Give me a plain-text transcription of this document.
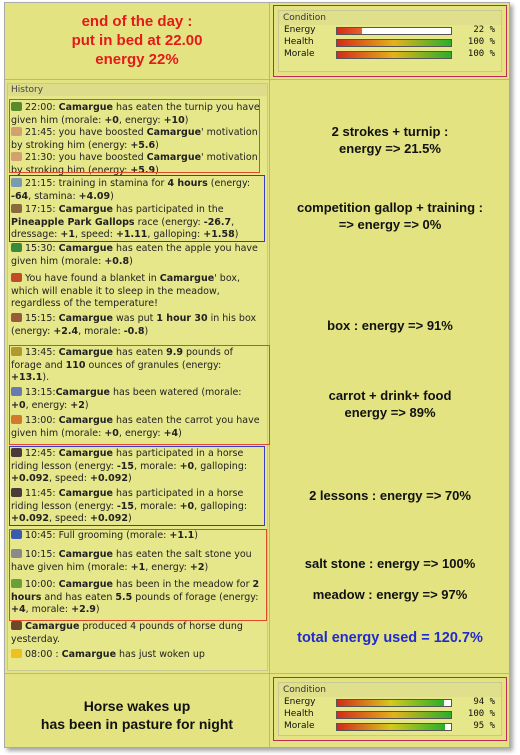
end of the day :
put in bed at 22.00
energy 22%
Condition
Energy	22 %
Health	100 %
Morale	100 %
History
22:00: Camargue has eaten the turnip you have given him (morale: +0, energy: +10)
21:45: you have boosted Camargue' motivation by stroking him (energy: +5.6)
21:30: you have boosted Camargue' motivation by stroking him (energy: +5.9)
21:15: training in stamina for 4 hours (energy: -64, stamina: +4.09)
17:15: Camargue has participated in the Pineapple Park Gallops race (energy: -26.7, dressage: +1, speed: +1.11, galloping: +1.58)
15:30: Camargue has eaten the apple you have given him (morale: +0.8)
You have found a blanket in Camargue' box, which will enable it to sleep in the meadow, regardless of the temperature!
15:15: Camargue was put 1 hour 30 in his box (energy: +2.4, morale: -0.8)
13:45: Camargue has eaten 9.9 pounds of forage and 110 ounces of granules (energy: +13.1).
13:15:Camargue has been watered (morale: +0, energy: +2)
13:00: Camargue has eaten the carrot you have given him (morale: +0, energy: +4)
12:45: Camargue has participated in a horse riding lesson (energy: -15, morale: +0, galloping: +0.092, speed: +0.092)
11:45: Camargue has participated in a horse riding lesson (energy: -15, morale: +0, galloping: +0.092, speed: +0.092)
10:45: Full grooming (morale: +1.1)
10:15: Camargue has eaten the salt stone you have given him (morale: +1, energy: +2)
10:00: Camargue has been in the meadow for 2 hours and has eaten 5.5 pounds of forage (energy: +4, morale: +2.9)
Camargue produced 4 pounds of horse dung yesterday.
08:00 : Camargue has just woken up
2 strokes + turnip :
energy => 21.5%
competition gallop + training :
=> energy => 0%
box : energy => 91%
carrot + drink+ food
energy => 89%
2 lessons : energy => 70%
salt stone : energy => 100%
meadow : energy => 97%
total energy used = 120.7%
Horse wakes up
has been in pasture for night
Condition
Energy	94 %
Health	100 %
Morale	95 %
